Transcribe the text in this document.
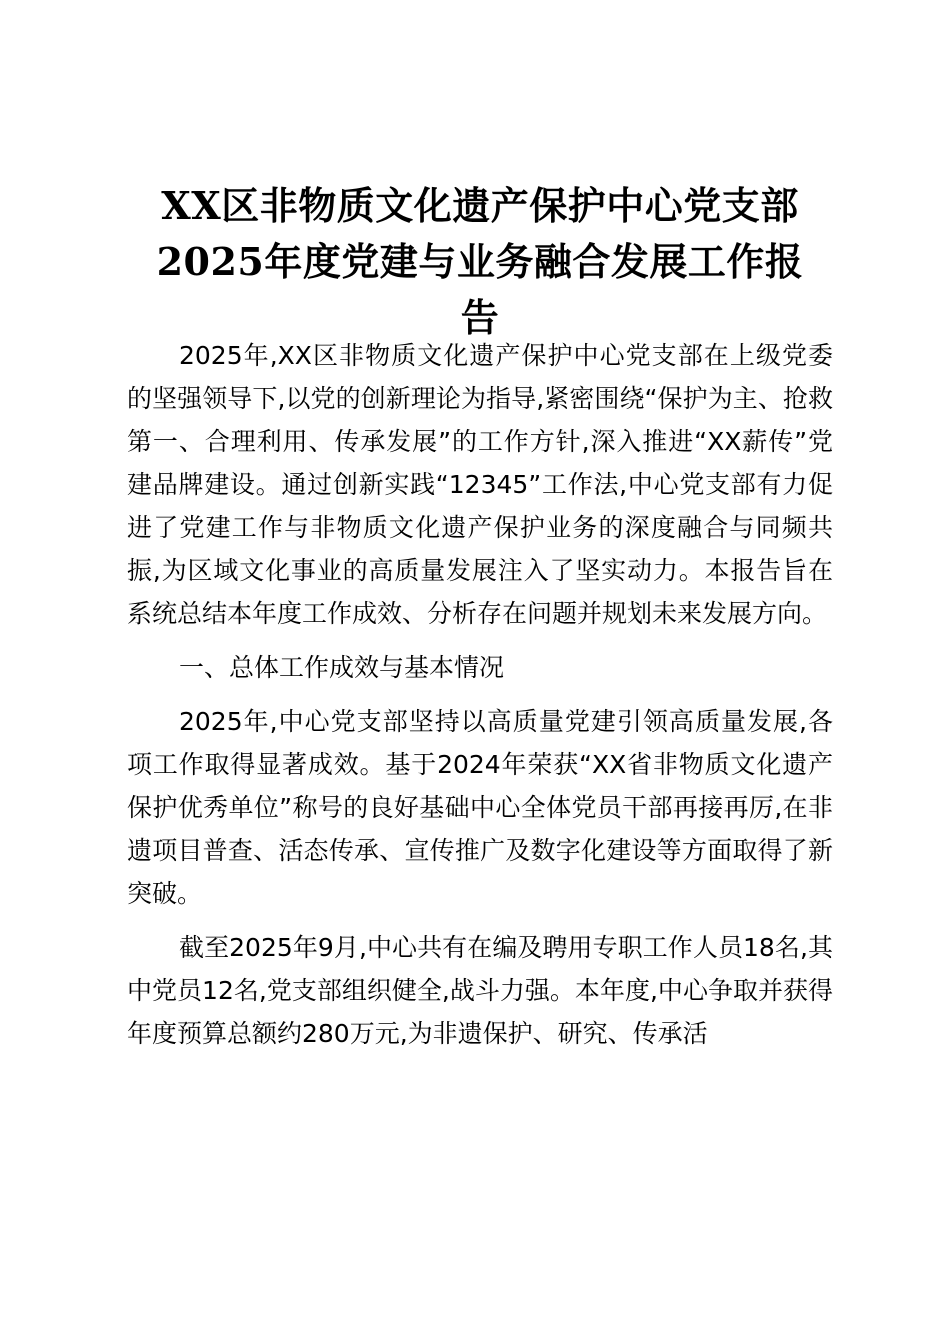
XX区非物质文化遗产保护中心党支部
2025年度党建与业务融合发展工作报
告

2025年,XX区非物质文化遗产保护中心党支部在上级党委的坚强领导下,以党的创新理论为指导,紧密围绕“保护为主、抢救第一、合理利用、传承发展”的工作方针,深入推进“XX薪传”党建品牌建设。通过创新实践“12345”工作法,中心党支部有力促进了党建工作与非物质文化遗产保护业务的深度融合与同频共振,为区域文化事业的高质量发展注入了坚实动力。本报告旨在系统总结本年度工作成效、分析存在问题并规划未来发展方向。

一、总体工作成效与基本情况

2025年,中心党支部坚持以高质量党建引领高质量发展,各项工作取得显著成效。基于2024年荣获“XX省非物质文化遗产保护优秀单位”称号的良好基础中心全体党员干部再接再厉,在非遗项目普查、活态传承、宣传推广及数字化建设等方面取得了新突破。

截至2025年9月,中心共有在编及聘用专职工作人员18名,其中党员12名,党支部组织健全,战斗力强。本年度,中心争取并获得年度预算总额约280万元,为非遗保护、研究、传承活
